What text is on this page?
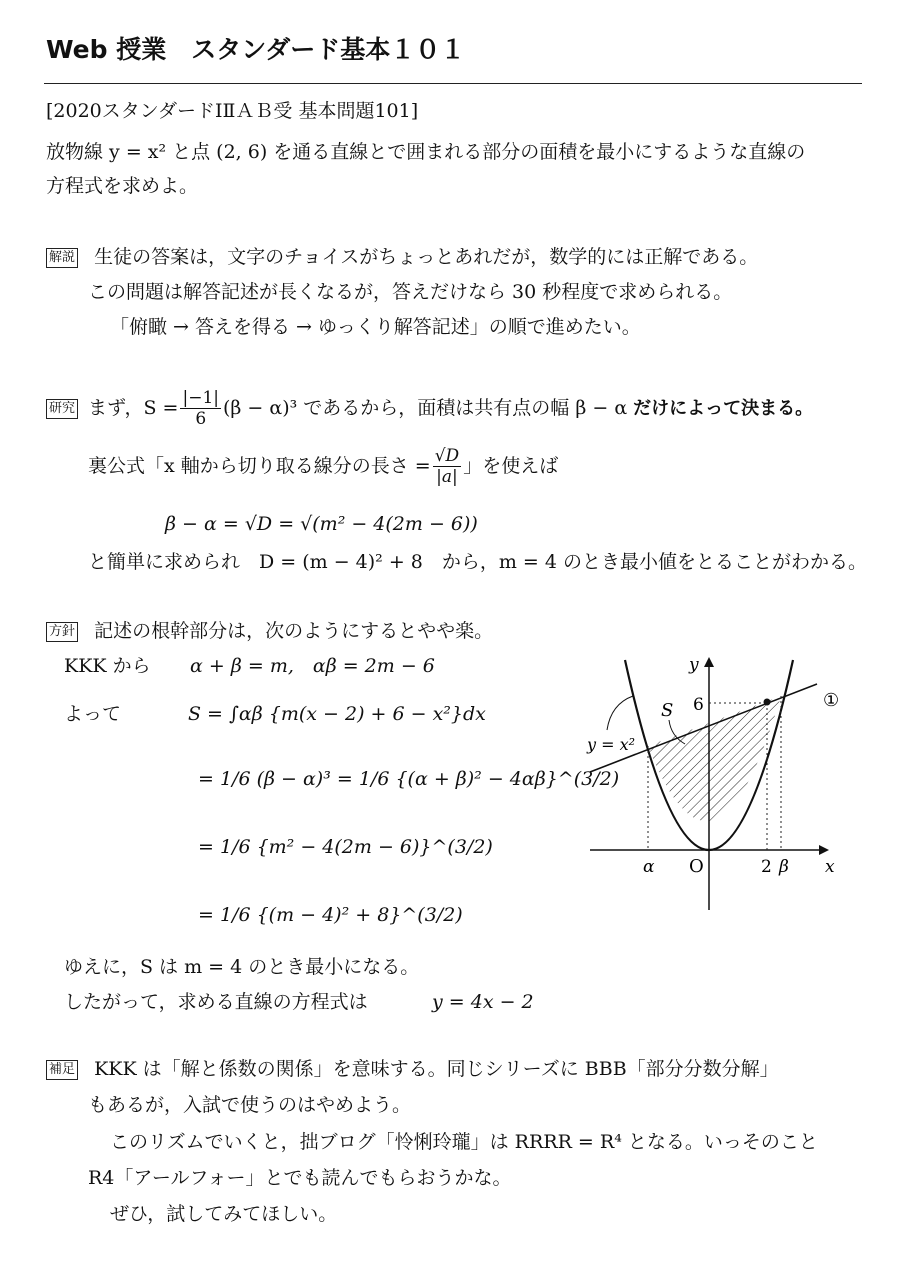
Web 授業　スタンダード基本１０１
[2020スタンダードⅠⅡＡＢ受 基本問題101]
放物線 y = x² と点 (2, 6) を通る直線とで囲まれる部分の面積を最小にするような直線の
方程式を求めよ。
解説 生徒の答案は，文字のチョイスがちょっとあれだが，数学的には正解である。
この問題は解答記述が長くなるが，答えだけなら 30 秒程度で求められる。
「俯瞰 → 答えを得る → ゆっくり解答記述」の順で進めたい。
研究 まず，$S = \frac{|-1|}{6} (\beta - \alpha)^3$ であるから，面積は共有点の幅 β − α だけによって決まる。
裏公式「x 軸から切り取る線分の長さ = $\frac{√D}{|a|}$ 」を使えば
β − α = √D = √(m² − 4(2m − 6))
と簡単に求められ　D = (m − 4)² + 8　から，m = 4 のとき最小値をとることがわかる。
方針 記述の根幹部分は，次のようにするとやや楽。
KKK から α + β = m,　αβ = 2m − 6
よって	S = ∫αβ {m(x − 2) + 6 − x²}dx
= 1/6 (β − α)³ = 1/6 {(α + β)² − 4αβ}^(3/2)
= 1/6 {m² − 4(2m − 6)}^(3/2)
= 1/6 {(m − 4)² + 8}^(3/2)
ゆえに，S は m = 4 のとき最小になる。
したがって，求める直線の方程式は	y = 4x − 2
y
x
O
α	2 β
6
S
y = x²
①
補足 KKK は「解と係数の関係」を意味する。同じシリーズに BBB「部分分数分解」
もあるが，入試で使うのはやめよう。
このリズムでいくと，拙ブログ「怜悧玲瓏」は RRRR = R⁴ となる。いっそのこと
R4「アールフォー」とでも読んでもらおうかな。
ぜひ，試してみてほしい。
